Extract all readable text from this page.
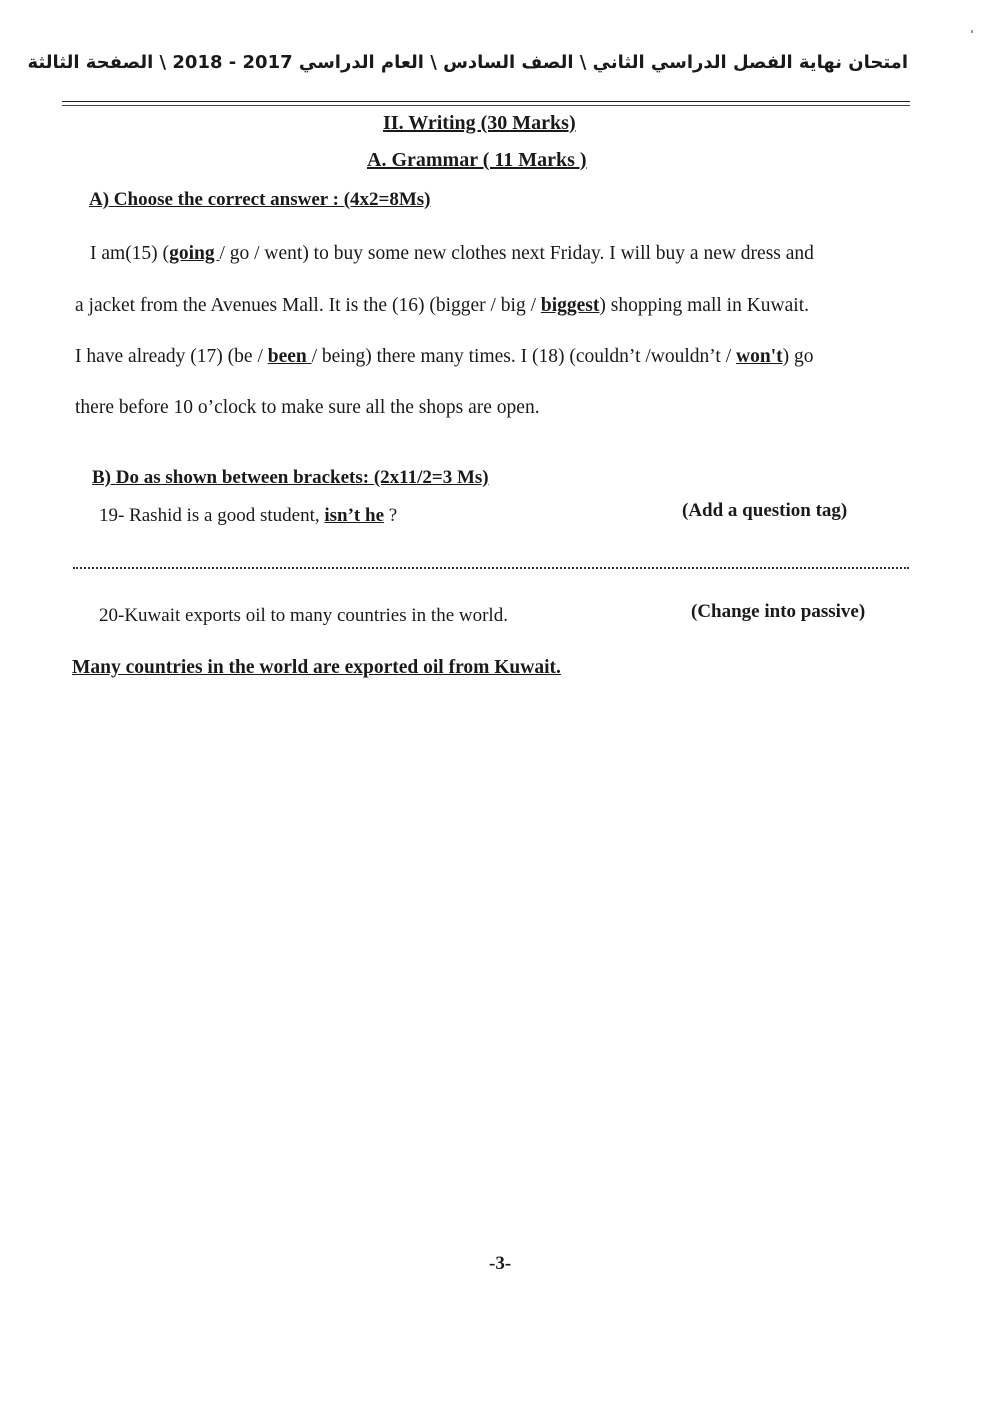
امتحان نهاية الفصل الدراسي الثاني \ الصف السادس \ العام الدراسي 2017 - 2018 \ الصفحة الثالثة
II. Writing (30 Marks)
A. Grammar ( 11 Marks )
A) Choose the correct answer : (4x2=8Ms)
I am(15) (going / go / went) to buy some new clothes next Friday. I will buy a new dress and
a jacket from the Avenues Mall. It is the (16) (bigger / big / biggest) shopping mall in Kuwait.
I have already (17) (be / been / being) there many times. I (18) (couldn’t /wouldn’t / won't) go
there before 10 o’clock to make sure all the shops are open.
B) Do as shown between brackets: (2x11/2=3 Ms)
19- Rashid is a good student, isn’t he ?	(Add a question tag)
20-Kuwait exports oil to many countries in the world.	(Change into passive)
Many countries in the world are exported oil from Kuwait.
-3-
